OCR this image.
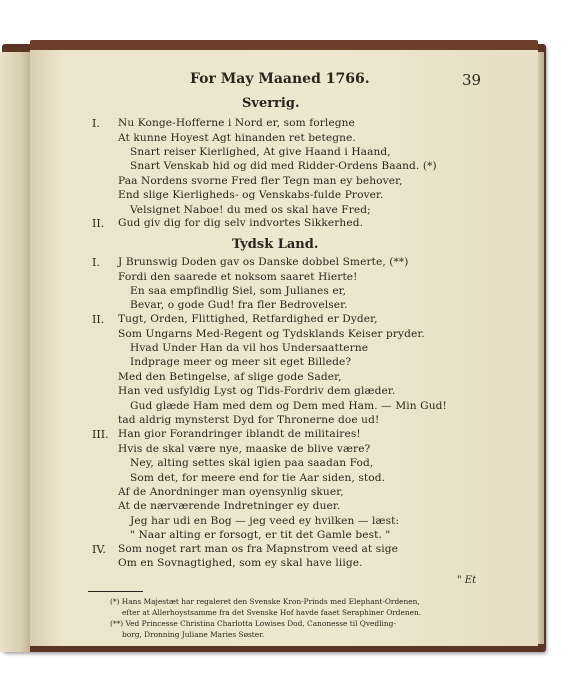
For May Maaned 1766.	39
Sverrig.
I. Nu Konge-Hofferne i Nord er, som forlegne
At kunne Hoyest Agt hinanden ret betegne.
Snart reiser Kierlighed, At give Haand i Haand,
Snart Venskab hid og did med Ridder-Ordens Baand. (*)
Paa Nordens svorne Fred fler Tegn man ey behover,
End slige Kierligheds- og Venskabs-fulde Prover.
Velsignet Naboe! du med os skal have Fred;
II. Gud giv dig for dig selv indvortes Sikkerhed.
Tydsk Land.
I. J Brunswig Doden gav os Danske dobbel Smerte, (**)
Fordi den saarede et noksom saaret Hierte!
En saa empfindlig Siel, som Julianes er,
Bevar, o gode Gud! fra fler Bedrovelser.
II. Tugt, Orden, Flittighed, Retfardighed er Dyder,
Som Ungarns Med-Regent og Tydsklands Keiser pryder.
Hvad Under Han da vil hos Undersaatterne
Indprage meer og meer sit eget Billede?
Med den Betingelse, af slige gode Sader,
Han ved usfyldig Lyst og Tids-Fordriv dem glæder.
Gud glæde Ham med dem og Dem med Ham. — Min Gud!
tad aldrig mynsterst Dyd for Thronerne doe ud!
III. Han gior Forandringer iblandt de militaires!
Hvis de skal være nye, maaske de blive være?
Ney, alting settes skal igien paa saadan Fod,
Som det, for meere end for tie Aar siden, stod.
Af de Anordninger man oyensynlig skuer,
At de nærværende Indretninger ey duer.
Jeg har udi en Bog — jeg veed ey hvilken — læst:
" Naar alting er forsogt, er tit det Gamle best. "
IV. Som noget rart man os fra Mapnstrom veed at sige
Om en Sovnagtighed, som ey skal have liige.
" Et
(*) Hans Majestæt har regaleret den Svenske Kron-Prinds med Elephant-Ordenen,
efter at Allerhoystsamme fra det Svenske Hof havde faaet Seraphiner Ordenen.
(**) Ved Princesse Christina Charlotta Lowises Dod, Canonesse til Qvedling-
borg, Dronning Juliane Maries Søster.
